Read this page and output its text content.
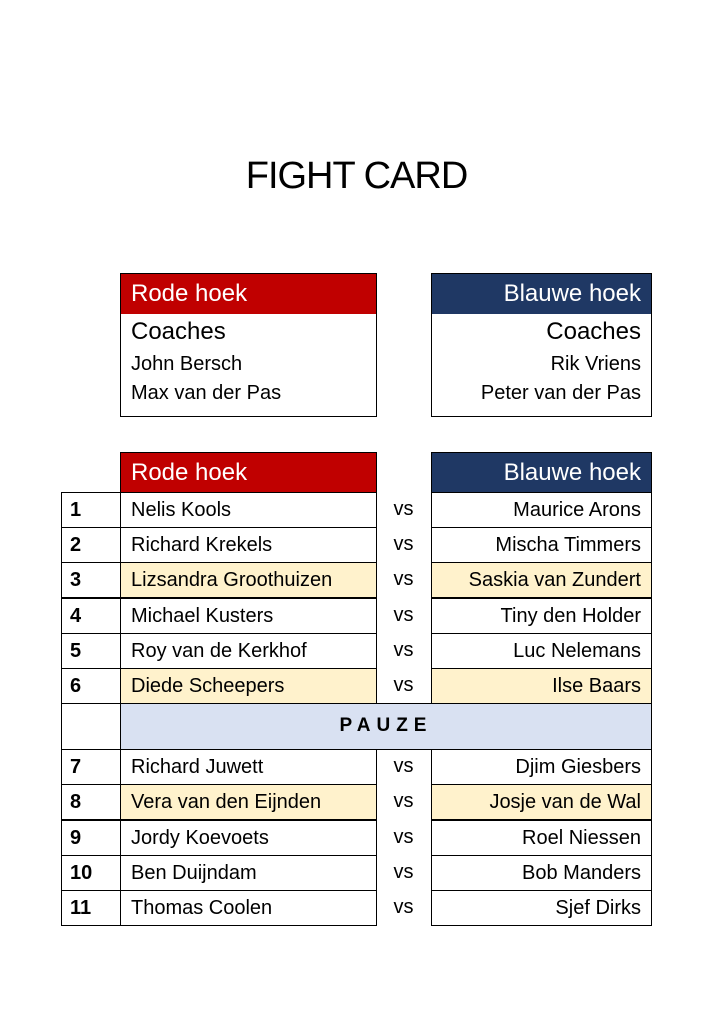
FIGHT CARD
Rode hoek
Coaches
John Bersch
Max van der Pas
Blauwe hoek
Coaches
Rik Vriens
Peter van der Pas
Rode hoek	Blauwe hoek
1	Nelis Kools	vs	Maurice Arons
2	Richard Krekels	vs	Mischa Timmers
3	Lizsandra Groothuizen	vs	Saskia van Zundert
4	Michael Kusters	vs	Tiny den Holder
5	Roy van de Kerkhof	vs	Luc Nelemans
6	Diede Scheepers	vs	Ilse Baars
PAUZE
7	Richard Juwett	vs	Djim Giesbers
8	Vera van den Eijnden	vs	Josje van de Wal
9	Jordy Koevoets	vs	Roel Niessen
10	Ben Duijndam	vs	Bob Manders
11	Thomas Coolen	vs	Sjef Dirks
